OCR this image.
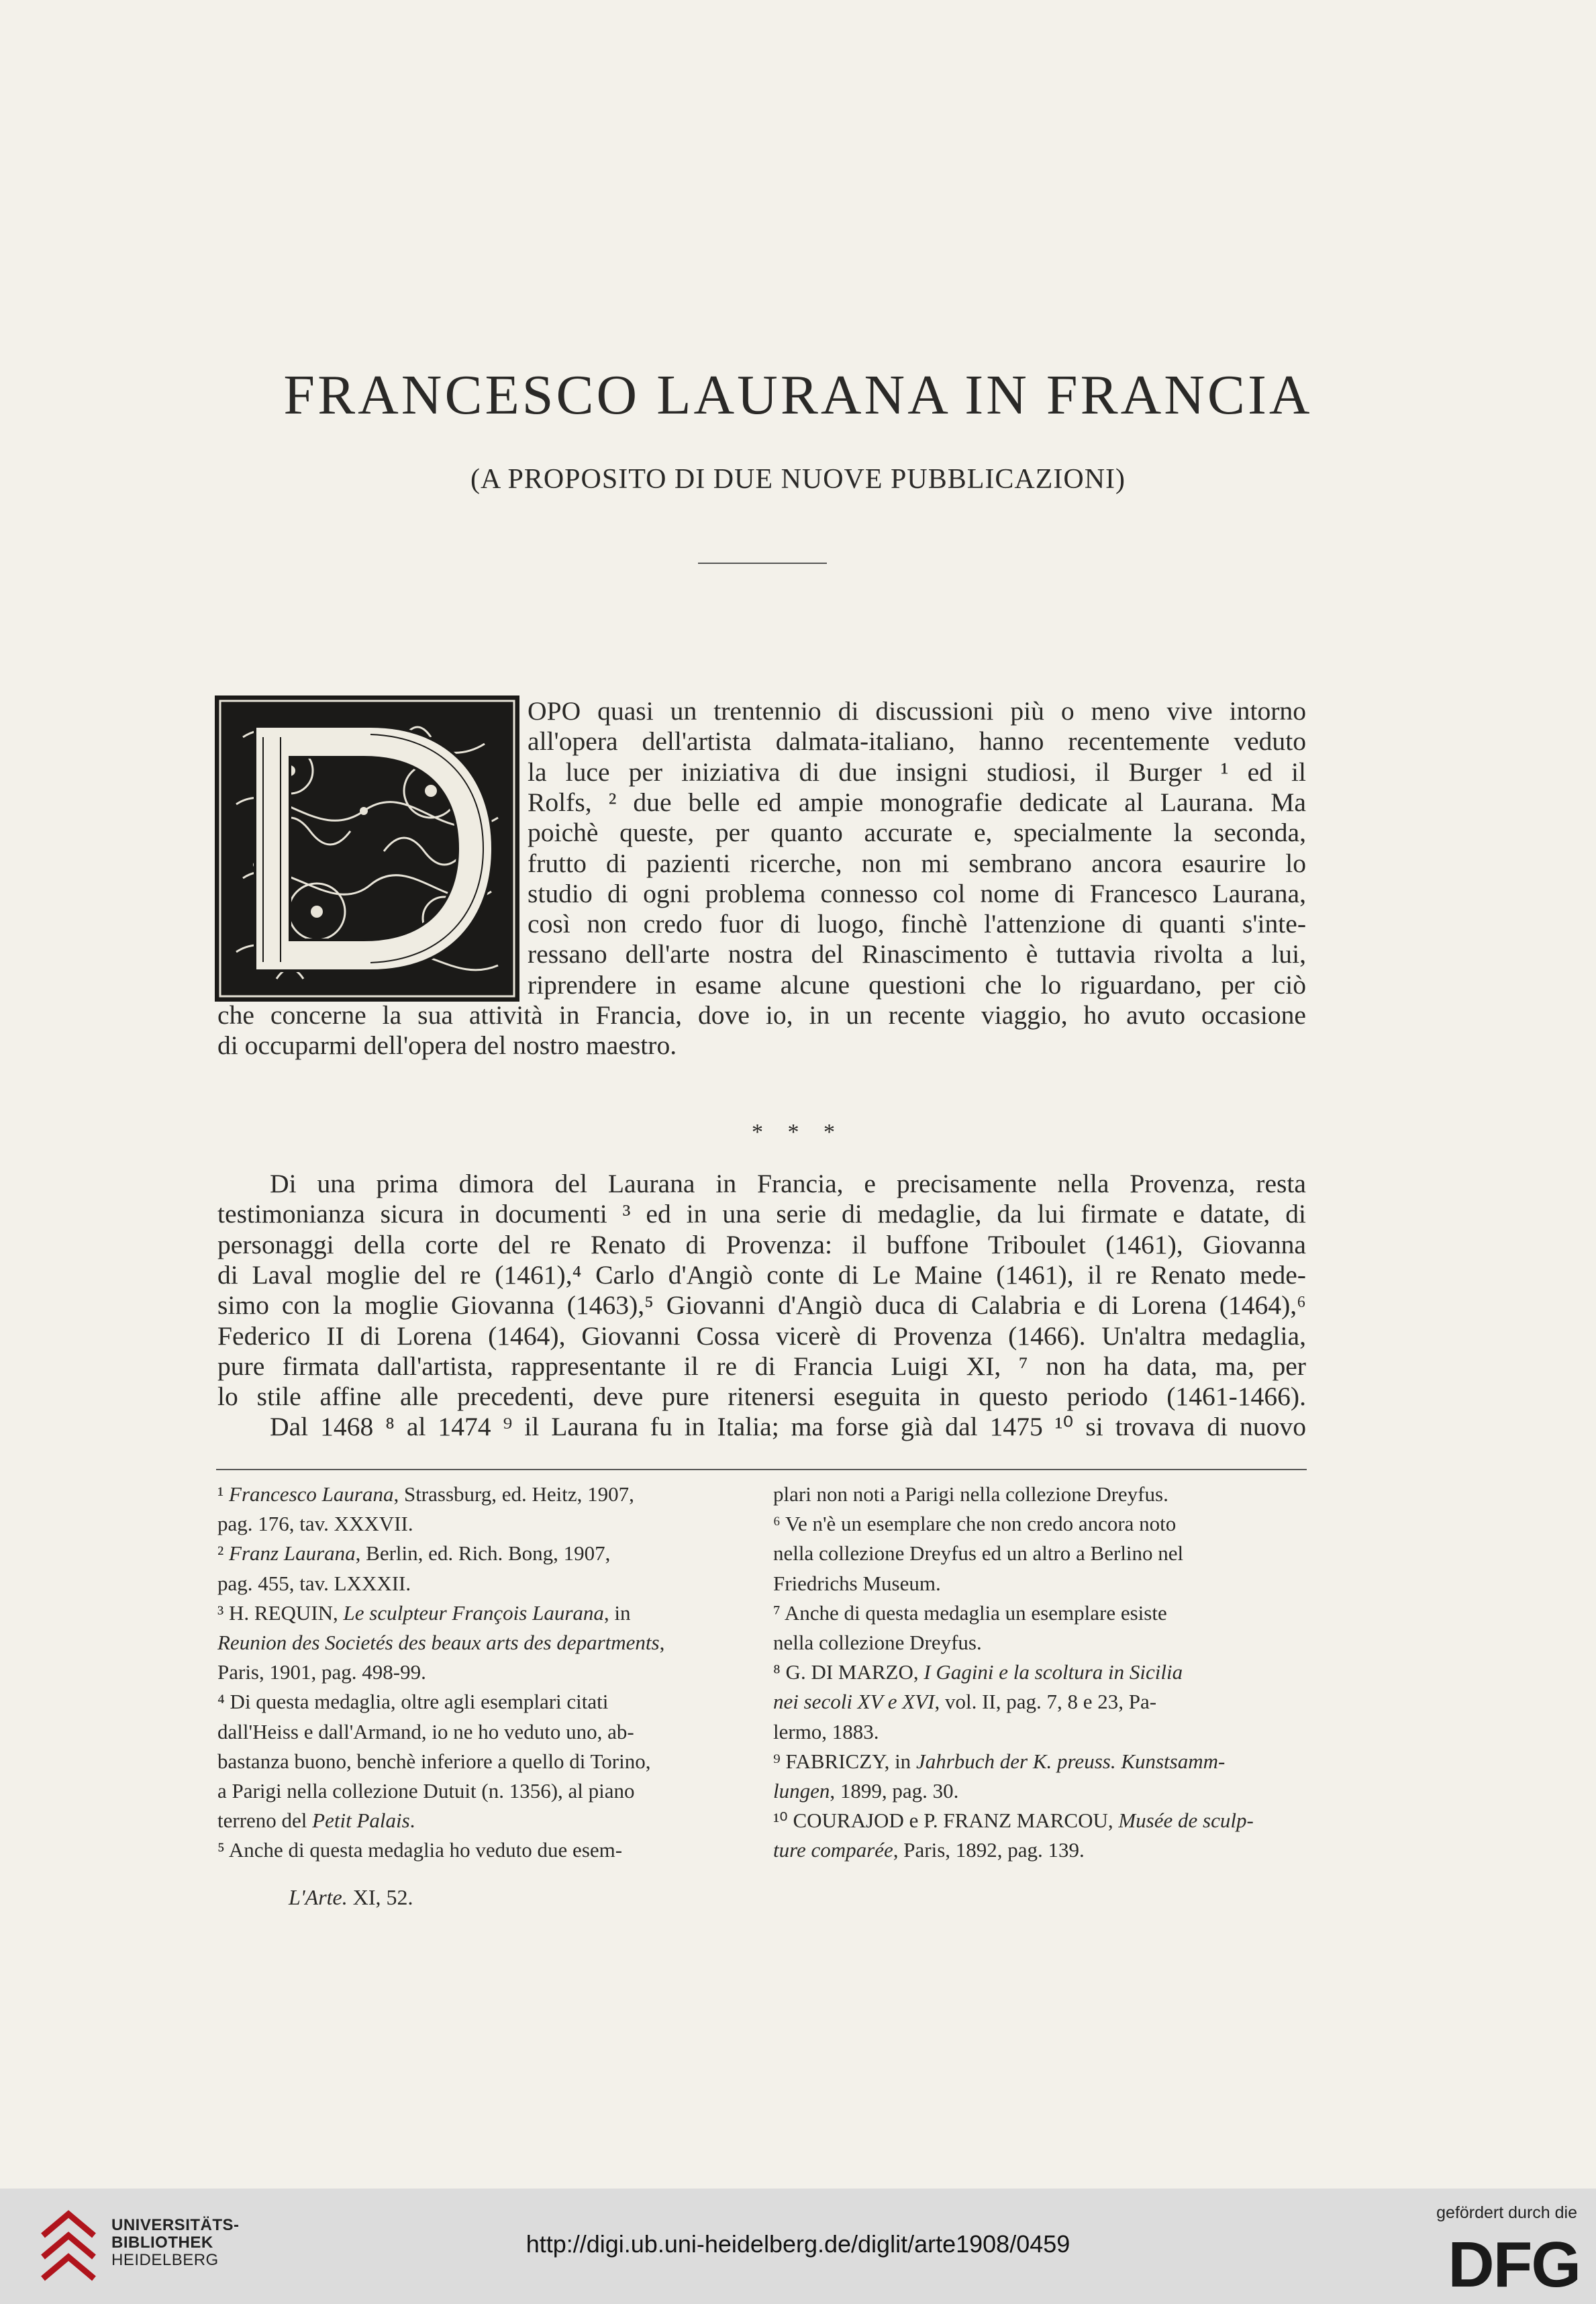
FRANCESCO LAURANA IN FRANCIA
(A PROPOSITO DI DUE NUOVE PUBBLICAZIONI)
OPO quasi un trentennio di discussioni più o meno vive intorno
all'opera dell'artista dalmata-italiano, hanno recentemente veduto
la luce per iniziativa di due insigni studiosi, il Burger ¹ ed il
Rolfs, ² due belle ed ampie monografie dedicate al Laurana. Ma
poichè queste, per quanto accurate e, specialmente la seconda,
frutto di pazienti ricerche, non mi sembrano ancora esaurire lo
studio di ogni problema connesso col nome di Francesco Laurana,
così non credo fuor di luogo, finchè l'attenzione di quanti s'inte-
ressano dell'arte nostra del Rinascimento è tuttavia rivolta a lui,
riprendere in esame alcune questioni che lo riguardano, per ciò
che concerne la sua attività in Francia, dove io, in un recente viaggio, ho avuto occasione
di occuparmi dell'opera del nostro maestro.
* * *
Di una prima dimora del Laurana in Francia, e precisamente nella Provenza, resta
testimonianza sicura in documenti ³ ed in una serie di medaglie, da lui firmate e datate, di
personaggi della corte del re Renato di Provenza: il buffone Triboulet (1461), Giovanna
di Laval moglie del re (1461),⁴ Carlo d'Angiò conte di Le Maine (1461), il re Renato mede-
simo con la moglie Giovanna (1463),⁵ Giovanni d'Angiò duca di Calabria e di Lorena (1464),⁶
Federico II di Lorena (1464), Giovanni Cossa vicerè di Provenza (1466). Un'altra medaglia,
pure firmata dall'artista, rappresentante il re di Francia Luigi XI, ⁷ non ha data, ma, per
lo stile affine alle precedenti, deve pure ritenersi eseguita in questo periodo (1461-1466).
Dal 1468 ⁸ al 1474 ⁹ il Laurana fu in Italia; ma forse già dal 1475 ¹⁰ si trovava di nuovo
¹ Francesco Laurana, Strassburg, ed. Heitz, 1907,
pag. 176, tav. XXXVII.
² Franz Laurana, Berlin, ed. Rich. Bong, 1907,
pag. 455, tav. LXXXII.
³ H. REQUIN, Le sculpteur François Laurana, in
Reunion des Societés des beaux arts des departments,
Paris, 1901, pag. 498-99.
⁴ Di questa medaglia, oltre agli esemplari citati
dall'Heiss e dall'Armand, io ne ho veduto uno, ab-
bastanza buono, benchè inferiore a quello di Torino,
a Parigi nella collezione Dutuit (n. 1356), al piano
terreno del Petit Palais.
⁵ Anche di questa medaglia ho veduto due esem-
plari non noti a Parigi nella collezione Dreyfus.
⁶ Ve n'è un esemplare che non credo ancora noto
nella collezione Dreyfus ed un altro a Berlino nel
Friedrichs Museum.
⁷ Anche di questa medaglia un esemplare esiste
nella collezione Dreyfus.
⁸ G. DI MARZO, I Gagini e la scoltura in Sicilia
nei secoli XV e XVI, vol. II, pag. 7, 8 e 23, Pa-
lermo, 1883.
⁹ FABRICZY, in Jahrbuch der K. preuss. Kunstsamm-
lungen, 1899, pag. 30.
¹⁰ COURAJOD e P. FRANZ MARCOU, Musée de sculp-
ture comparée, Paris, 1892, pag. 139.
L'Arte. XI, 52.
UNIVERSITÄTS-
BIBLIOTHEK
HEIDELBERG
http://digi.ub.uni-heidelberg.de/diglit/arte1908/0459
gefördert durch die
DFG
